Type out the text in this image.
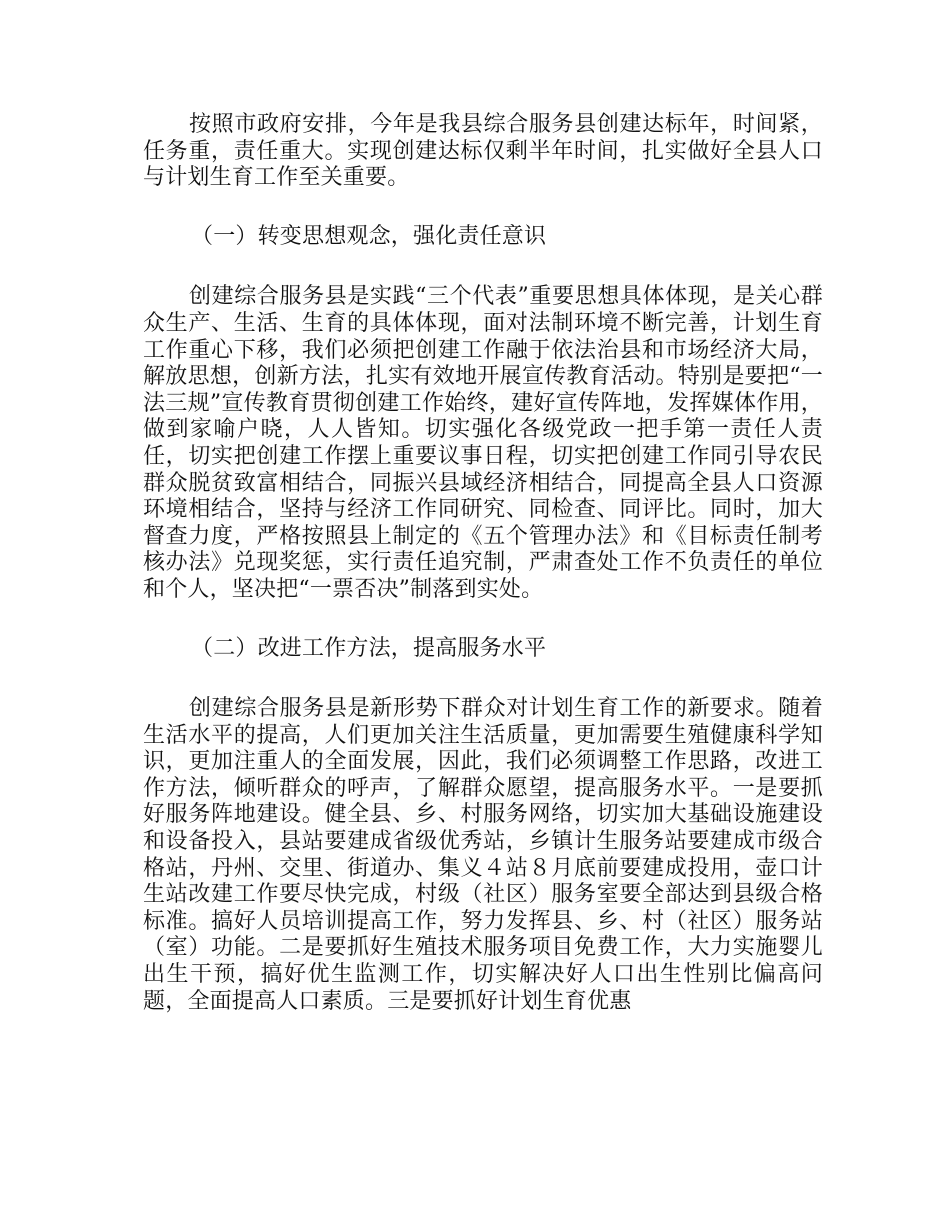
按照市政府安排，今年是我县综合服务县创建达标年，时间紧，任务重，责任重大。实现创建达标仅剩半年时间，扎实做好全县人口与计划生育工作至关重要。

（一）转变思想观念，强化责任意识

创建综合服务县是实践“三个代表”重要思想具体体现，是关心群众生产、生活、生育的具体体现，面对法制环境不断完善，计划生育工作重心下移，我们必须把创建工作融于依法治县和市场经济大局，解放思想，创新方法，扎实有效地开展宣传教育活动。特别是要把“一法三规”宣传教育贯彻创建工作始终，建好宣传阵地，发挥媒体作用，做到家喻户晓，人人皆知。切实强化各级党政一把手第一责任人责任，切实把创建工作摆上重要议事日程，切实把创建工作同引导农民群众脱贫致富相结合，同振兴县域经济相结合，同提高全县人口资源环境相结合，坚持与经济工作同研究、同检查、同评比。同时，加大督查力度，严格按照县上制定的《五个管理办法》和《目标责任制考核办法》兑现奖惩，实行责任追究制，严肃查处工作不负责任的单位和个人，坚决把“一票否决”制落到实处。

（二）改进工作方法，提高服务水平

创建综合服务县是新形势下群众对计划生育工作的新要求。随着生活水平的提高，人们更加关注生活质量，更加需要生殖健康科学知识，更加注重人的全面发展，因此，我们必须调整工作思路，改进工作方法，倾听群众的呼声，了解群众愿望，提高服务水平。一是要抓好服务阵地建设。健全县、乡、村服务网络，切实加大基础设施建设和设备投入，县站要建成省级优秀站，乡镇计生服务站要建成市级合格站，丹州、交里、街道办、集义４站８月底前要建成投用，壶口计生站改建工作要尽快完成，村级（社区）服务室要全部达到县级合格标准。搞好人员培训提高工作，努力发挥县、乡、村（社区）服务站（室）功能。二是要抓好生殖技术服务项目免费工作，大力实施婴儿出生干预，搞好优生监测工作，切实解决好人口出生性别比偏高问题，全面提高人口素质。三是要抓好计划生育优惠
